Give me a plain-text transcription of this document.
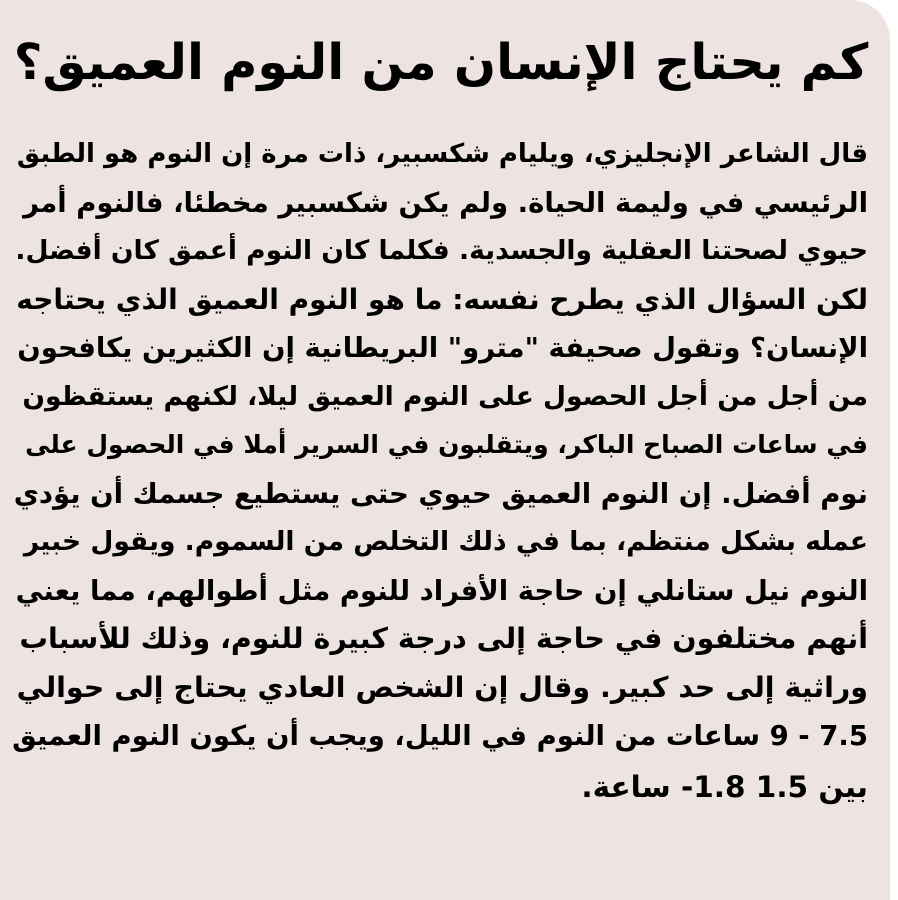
كم يحتاج الإنسان من النوم العميق؟
قال الشاعر الإنجليزي، ويليام شكسبير، ذات مرة إن النوم هو الطبق
الرئيسي في وليمة الحياة. ولم يكن شكسبير مخطئا، فالنوم أمر
حيوي لصحتنا العقلية والجسدية. فكلما كان النوم أعمق كان أفضل.
لكن السؤال الذي يطرح نفسه: ما هو النوم العميق الذي يحتاجه
الإنسان؟ وتقول صحيفة "مترو" البريطانية إن الكثيرين يكافحون
من أجل من أجل الحصول على النوم العميق ليلا، لكنهم يستقظون
في ساعات الصباح الباكر، ويتقلبون في السرير أملا في الحصول على
نوم أفضل. إن النوم العميق حيوي حتى يستطيع جسمك أن يؤدي
عمله بشكل منتظم، بما في ذلك التخلص من السموم. ويقول خبير
النوم نيل ستانلي إن حاجة الأفراد للنوم مثل أطوالهم، مما يعني
أنهم مختلفون في حاجة إلى درجة كبيرة للنوم، وذلك للأسباب
وراثية إلى حد كبير. وقال إن الشخص العادي يحتاج إلى حوالي
7.5 - 9 ساعات من النوم في الليل، ويجب أن يكون النوم العميق
بين 1.5 1.8- ساعة.
